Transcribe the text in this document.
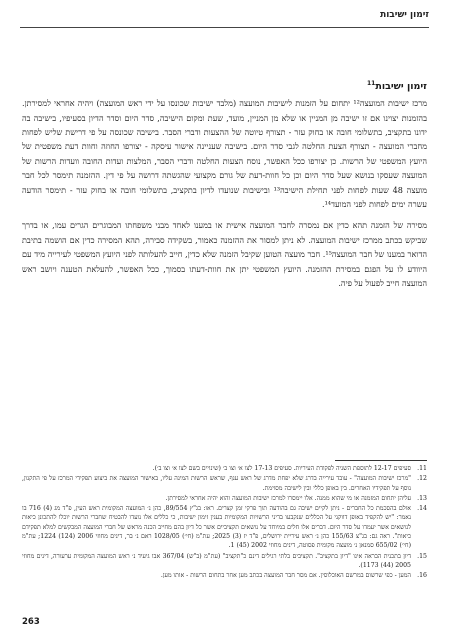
זימון ישיבות
זימון ישיבות$^{11}$

מרכז ישיבות המועצה¹² יתחום על הזמנות לישיבות המועצה (מלבד ישיבות שכונסו על ידי ראש המועצה) ויהיה אחראי למסירתן. בהזמנות יצוינו אם זו ישיבה מן המניין או שלא מן המניין, מועד, שעת ומקום הישיבה, סדר היום וסדר הדיון בסעיפיו, בישיבה בה ידונו בתקציב, בתשלומי חובה או בחוק עזר - תצורף טיוטה של ההצעות ודברי הסבר. בישיבה שכונסה על פי דרישת שליש לפחות מחברי המועצה - תצורף הצעת החלטה לגבי סדר היום. בישיבה שעניינה אישור עיסקה - יצורפו החוזה וחוות דעת משפטית של היועץ המשפטי של הרשות. כן יצורפו ככל האפשר, נוסח הצעות החלטה ודברי הסבר, המלצות ועדות החובה וועדות הרשות של המועצה שעסקו בנושא שעל סדר היום וכן כל חוות-דעת של גורם מקצועי שהגשתה דרושה על פי דין. ההזמנה תימסר לכל חבר מועצה 48 שעות לפחות לפני תחילת הישיבה¹³ ובישיבות שנועדו לדיון בתקציב, בתשלומי חובה או בחוק עזר - תימסר הודעה עשרה ימים לפחות לפני המועד¹⁴.

מסירה של הזמנה תהא כדין אם נמסרה לחבר המועצה אישית או במענו לאחד מבני משפחתו המבוגרים הגרים עמו, או בדרך שביקש בכתב ממרכז ישיבות המועצה. לא ניתן למסור את ההזמנה כאמור, בשקידה סבירה, תהא המסירה כדין אם הושמה בתיבת הדואר במענו של חבר המועצה¹⁵. חבר מועצה הטוען שקיבל הזמנה שלא כדין, חייב להעלותה לפני היועץ המשפטי לעירייה מיד עם היוודע לו על הפגם במסירת ההזמנה. היועץ המשפטי יתן את חוות-דעתו בסמוך, ככל האפשר, להעלאת הטענה ויושב ראש המועצה חייב לפעול על פיה.

11.
סעיפים 12-17 לתוספת השניה לפקודת העיריות. סעיפים 17-13 לצו א׳ וצו ב׳ (שינויים בשם לצו א׳ וצו ב׳).
12.
"מרכז ישיבות המועצה" - עובד עירייה בדרג שלא יפחת מדרג של ראש ענף, שראש הרשות המינה עליו, באישור המועצה את ביצוע תפקידי המרכז על פי התקנון, נוסף על תפקידיו האחרים. בין באופן כללי ובין לישיבה מסוימת.
13.
עליהן יתחום המזמנה או מי שהוא ממנה. אלו יימסרו למרכז ישיבות המועצה והוא יהיה אחראי למסירתן.
14.
אולם בהסכמת כל החברים - ניתן לקיים ישיבה גם בהודעה תוך פרקי זמן קצרים. ראו: בג"ץ 89/554, כהן נ׳ המועצה המקומית ראש העין, פ"ד מג (4) 716 בו נאמר: "יש להקפיד באופן דווקני על הכללים שנקבעו בדיני הרשויות המקומיות בענין זימון ישיבות, כי כללים אלו נועדו להבטיח שחברי הרשות יוכלו להתכונן כיאות לנושאים אשר יעמדו על סדר היום. דברים אלו חלים במיוחד על נושאים תקציביים אשר כל דיון בהם מחייב הכנה מראש של חברי המועצה המבקשים למלא תפקידם כיאות". ראה גם: בג"צ 155/63 כהן נ׳ ראש עיריית ירושלים, פ"ד יז (3) 2025; עת"מ (חי׳) 1028/05 ראם נ׳ בר, דינים מחוזי 2006 (124) 1224; עת"מ (חי׳) 655/02 סמנאן נ׳ מועצה מקומית פסוטה, דינים מחוזי 2002 (45) 1.
15.
דיון בתכנית הבראה אינו "דיון בתקציב". תקציבים בלתי רגילים דינם כ"תקציב" (עת"מ (ב"ש) 367/04 אבו גיעיד נ׳ ראש המועצה המקומית ערעורה, דינים מחוזי 2005 (44) 1173).
16.
המען - כפי שרשום במרשם האוכלוסין. אם מסר חבר המועצה בכתב מען אחר בתחום הרשות - אותו מען.
263
